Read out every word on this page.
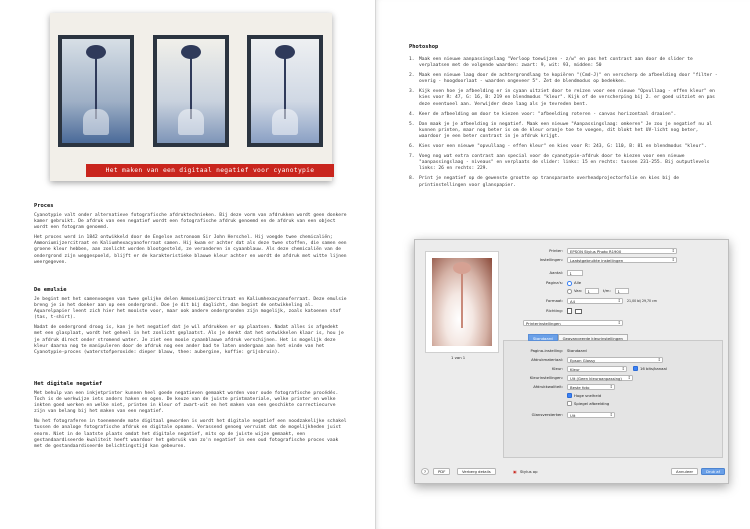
Het maken van een digitaal negatief voor cyanotypie
Proces

Cyanotypie valt onder alternatieve fotografische afdruktechnieken. Bij deze vorm van afdrukken wordt geen donkere kamer gebruikt. De afdruk van een negatief wordt een fotografische afdruk genoemd en de afdruk van een object wordt een fotogram genoemd.

Het proces werd in 1842 ontwikkeld door de Engelse astronoom Sir John Herschel. Hij voegde twee chemicaliën; Ammoniumijzercitraat en Kaliumhexacyanoferraat samen. Hij kwam er achter dat als deze twee stoffen, die samen een groene kleur hebben, aan zonlicht worden blootgesteld, ze veranderen in cyaanblauw. Als deze chemicaliën van de ondergrond zijn weggespoeld, blijft er de karakteristieke blauwe kleur achter en wordt de afdruk met witte lijnen weergegeven.

De emulsie

Je begint met het samenvoegen van twee gelijke delen Ammoniumijzercitraat en Kaliumhexacyanoferraat. Deze emulsie breng je in het donker aan op een ondergrond. Doe je dit bij daglicht, dan begint de ontwikkeling al. Aquarelpapier leent zich hier het mooiste voor, maar ook andere ondergronden zijn mogelijk, zoals katoenen stof (tas, t-shirt).

Nadat de ondergrond droog is, kan je het negatief dat je wil afdrukken er op plaatsen. Nadat alles is afgedekt met een glasplaat, wordt het geheel in het zonlicht geplaatst. Als je denkt dat het ontwikkelen klaar is, hou je je afdruk direct onder stromend water. Je ziet een mooie cyaanblauwe afdruk verschijnen. Het is mogelijk deze kleur daarna nog te manipuleren door de afdruk nog een ander bad te laten ondergaan aan het einde van het Cyanotypie-proces (waterstofperoxide: dieper blauw, thee: aubergine, koffie: grijsbruin).

Het digitale negatief

Met behulp van een inkjetprinter kunnen heel goede negatieven gemaakt worden voor oude fotografische procédés. Toch is de werkwijze iets anders haken en ogen. De keuze van de juiste printmateriale, welke printer en welke inkten goed werken en welke niet, printen in kleur of zwart-wit en het maken van een geschikte correctiecurve zijn van belang bij het maken van een negatief.

Nu het fotograferen in toenemende mate digitaal geworden is wordt het digitale negatief een noodzakelijke schakel tussen de analoge fotografische afdruk en digitale opname. Verassend genoeg verruimt dat de mogelijkheden juist enorm. Niet in de laatste plaats omdat het digitale negatief, mits op de juiste wijze gemaakt, een gestandaardiseerde kwaliteit heeft waardoor het gebruik van zo'n negatief in een oud fotografische proces vaak met de gestandaardiseerde belichtingstijd kan gebeuren.

Photoshop
1. Maak een nieuwe aanpassingslaag "Verloop toewijzen - z/w" en pas het contrast aan door de slider te verplaatsen met de volgende waarden: zwart: 9, wit: 93, midden: 50
2. Maak een nieuwe laag door de achtergrondlaag te kopiëren "(Cmd-J)" en verscherp de afbeelding door "filter - overig - hoogdoorlaat - waarden ongeveer 5". Zet de blendmodus op bedekken.
3. Kijk even hoe je afbeelding er in cyaan uitziet door te reizen voor een nieuwe "Opvullaag - effen kleur" en kies voor R: 47, G: 16, B: 219 en blendmodus "kleur". Kijk of de verscherping bij 2. er goed uitziet en pas deze eventueel aan. Verwijder deze laag als je tevreden bent.
4. Keer de afbeelding om door te kiezen voor: "afbeelding roteren - canvas horizontaal draaien".
5. Dan maak je je afbeelding in negatief. Maak een nieuwe "Aanpassingslaag: omkeren" Je zou je negatief nu al kunnen printen, maar nog beter is om de kleur oranje toe te voegen, dit blokt het UV-licht nog beter, waardoor je een beter contrast in je afdruk krijgt.
6. Kies voor een nieuwe "opvullaag - effen kleur" en kies voor R: 243, G: 110, B: 81 en blendmodus "kleur".
7. Voeg nog wat extra contrast aan special voor de cyanotypie-afdruk door te kiezen voor een nieuwe "aanpassingslaag - niveaus" en verplaats de slider: links: 15 en rechts: tussen 231-255. Bij outputlevels links: 26 en rechts: 229.
8. Print je negatief op de gewenste grootte op transparante overheadprojectorfolie en kies bij de printinstellingen voor glanspapier.
1 van 1
Printer:	EPSON Stylus Photo R1900 ⇕
Instellingen:	Laatstgebruikte instellingen ⇕
Aantal:	1
Pagina's:	Alle
Van:	1	t/m:	1
Formaat:	A4 ⇕	21,00 bij 29,70 cm
Richting:
Printerinstellingen ⇕
Standaard	Geavanceerde kleurinstellingen
Pagina-instelling: Standaard
Afdrukmateriaal:	Epson Glossy ⇕
Kleur:	Kleur ⇕	16 bits/kanaal
Kleurinstellingen:	Uit (Geen kleuraanpassing) ⇕
Afdrukkwaliteit:	Beste foto ⇕
Hoge snelheid
Spiegel afbeelding
Glansversterker:	Uit ⇕
?	PDF	Verberg details	▣ Stylus op	Annuleer	Druk af
